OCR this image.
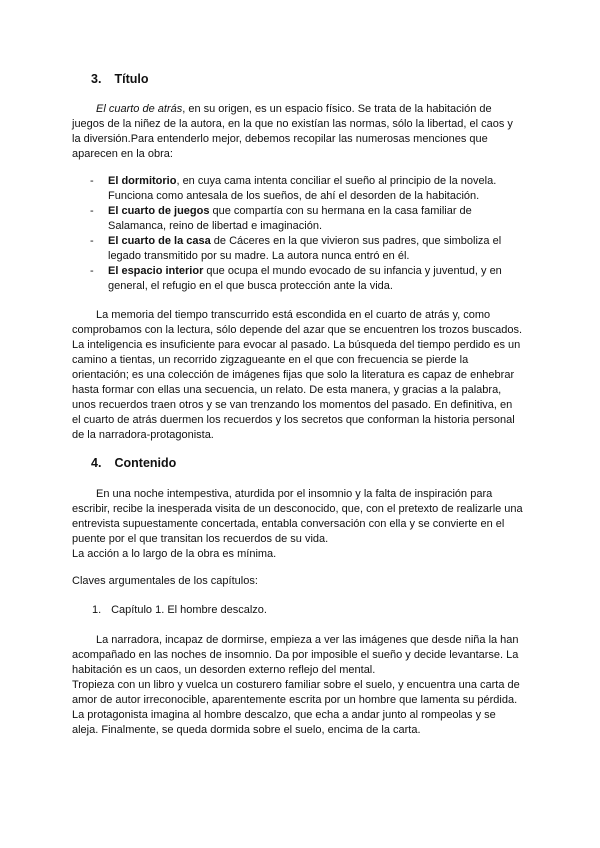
3. Título
El cuarto de atrás, en su origen, es un espacio físico. Se trata de la habitación de
juegos de la niñez de la autora, en la que no existían las normas, sólo la libertad, el caos y
la diversión.Para entenderlo mejor, debemos recopilar las numerosas menciones que
aparecen en la obra:
- El dormitorio, en cuya cama intenta conciliar el sueño al principio de la novela. Funciona como antesala de los sueños, de ahí el desorden de la habitación.
- El cuarto de juegos que compartía con su hermana en la casa familiar de Salamanca, reino de libertad e imaginación.
- El cuarto de la casa de Cáceres en la que vivieron sus padres, que simboliza el legado transmitido por su madre. La autora nunca entró en él.
- El espacio interior que ocupa el mundo evocado de su infancia y juventud, y en general, el refugio en el que busca protección ante la vida.
La memoria del tiempo transcurrido está escondida en el cuarto de atrás y, como
comprobamos con la lectura, sólo depende del azar que se encuentren los trozos buscados.
La inteligencia es insuficiente para evocar al pasado. La búsqueda del tiempo perdido es un
camino a tientas, un recorrido zigzagueante en el que con frecuencia se pierde la
orientación; es una colección de imágenes fijas que solo la literatura es capaz de enhebrar
hasta formar con ellas una secuencia, un relato. De esta manera, y gracias a la palabra,
unos recuerdos traen otros y se van trenzando los momentos del pasado. En definitiva, en
el cuarto de atrás duermen los recuerdos y los secretos que conforman la historia personal
de la narradora-protagonista.
4. Contenido
En una noche intempestiva, aturdida por el insomnio y la falta de inspiración para
escribir, recibe la inesperada visita de un desconocido, que, con el pretexto de realizarle una
entrevista supuestamente concertada, entabla conversación con ella y se convierte en el
puente por el que transitan los recuerdos de su vida.
La acción a lo largo de la obra es mínima.
Claves argumentales de los capítulos:
1. Capítulo 1. El hombre descalzo.
La narradora, incapaz de dormirse, empieza a ver las imágenes que desde niña la han
acompañado en las noches de insomnio. Da por imposible el sueño y decide levantarse. La
habitación es un caos, un desorden externo reflejo del mental.
Tropieza con un libro y vuelca un costurero familiar sobre el suelo, y encuentra una carta de
amor de autor irreconocible, aparentemente escrita por un hombre que lamenta su pérdida.
La protagonista imagina al hombre descalzo, que echa a andar junto al rompeolas y se
aleja. Finalmente, se queda dormida sobre el suelo, encima de la carta.
